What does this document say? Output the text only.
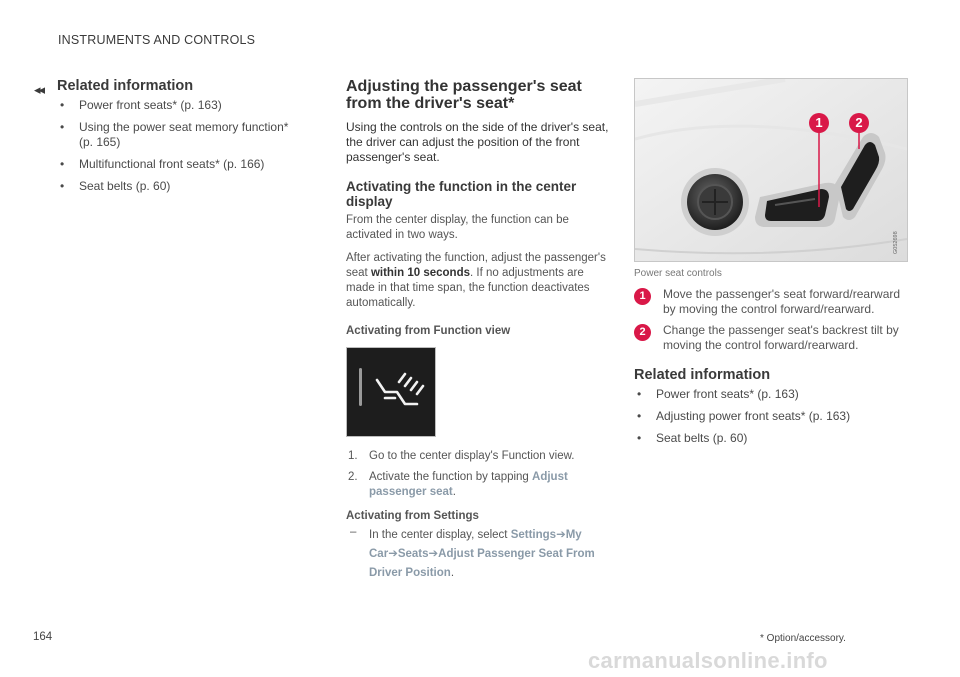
INSTRUMENTS AND CONTROLS
◂◂ Related information
• Power front seats* (p. 163)
• Using the power seat memory function* (p. 165)
• Multifunctional front seats* (p. 166)
• Seat belts (p. 60)
Adjusting the passenger's seat from the driver's seat*

Using the controls on the side of the driver's seat, the driver can adjust the position of the front passenger's seat.

Activating the function in the center display

From the center display, the function can be activated in two ways.

After activating the function, adjust the passenger's seat within 10 seconds. If no adjustments are made in that time span, the function deactivates automatically.

Activating from Function view
1. Go to the center display's Function view.
2. Activate the function by tapping Adjust passenger seat.
Activating from Settings
– In the center display, select Settings➔My Car➔Seats➔Adjust Passenger Seat From Driver Position.
G052698
1	2

Power seat controls

1	Move the passenger's seat forward/rearward by moving the control forward/rearward.
2	Change the passenger seat's backrest tilt by moving the control forward/rearward.
Related information
• Power front seats* (p. 163)
• Adjusting power front seats* (p. 163)
• Seat belts (p. 60)
164	* Option/accessory.
carmanualsonline.info
